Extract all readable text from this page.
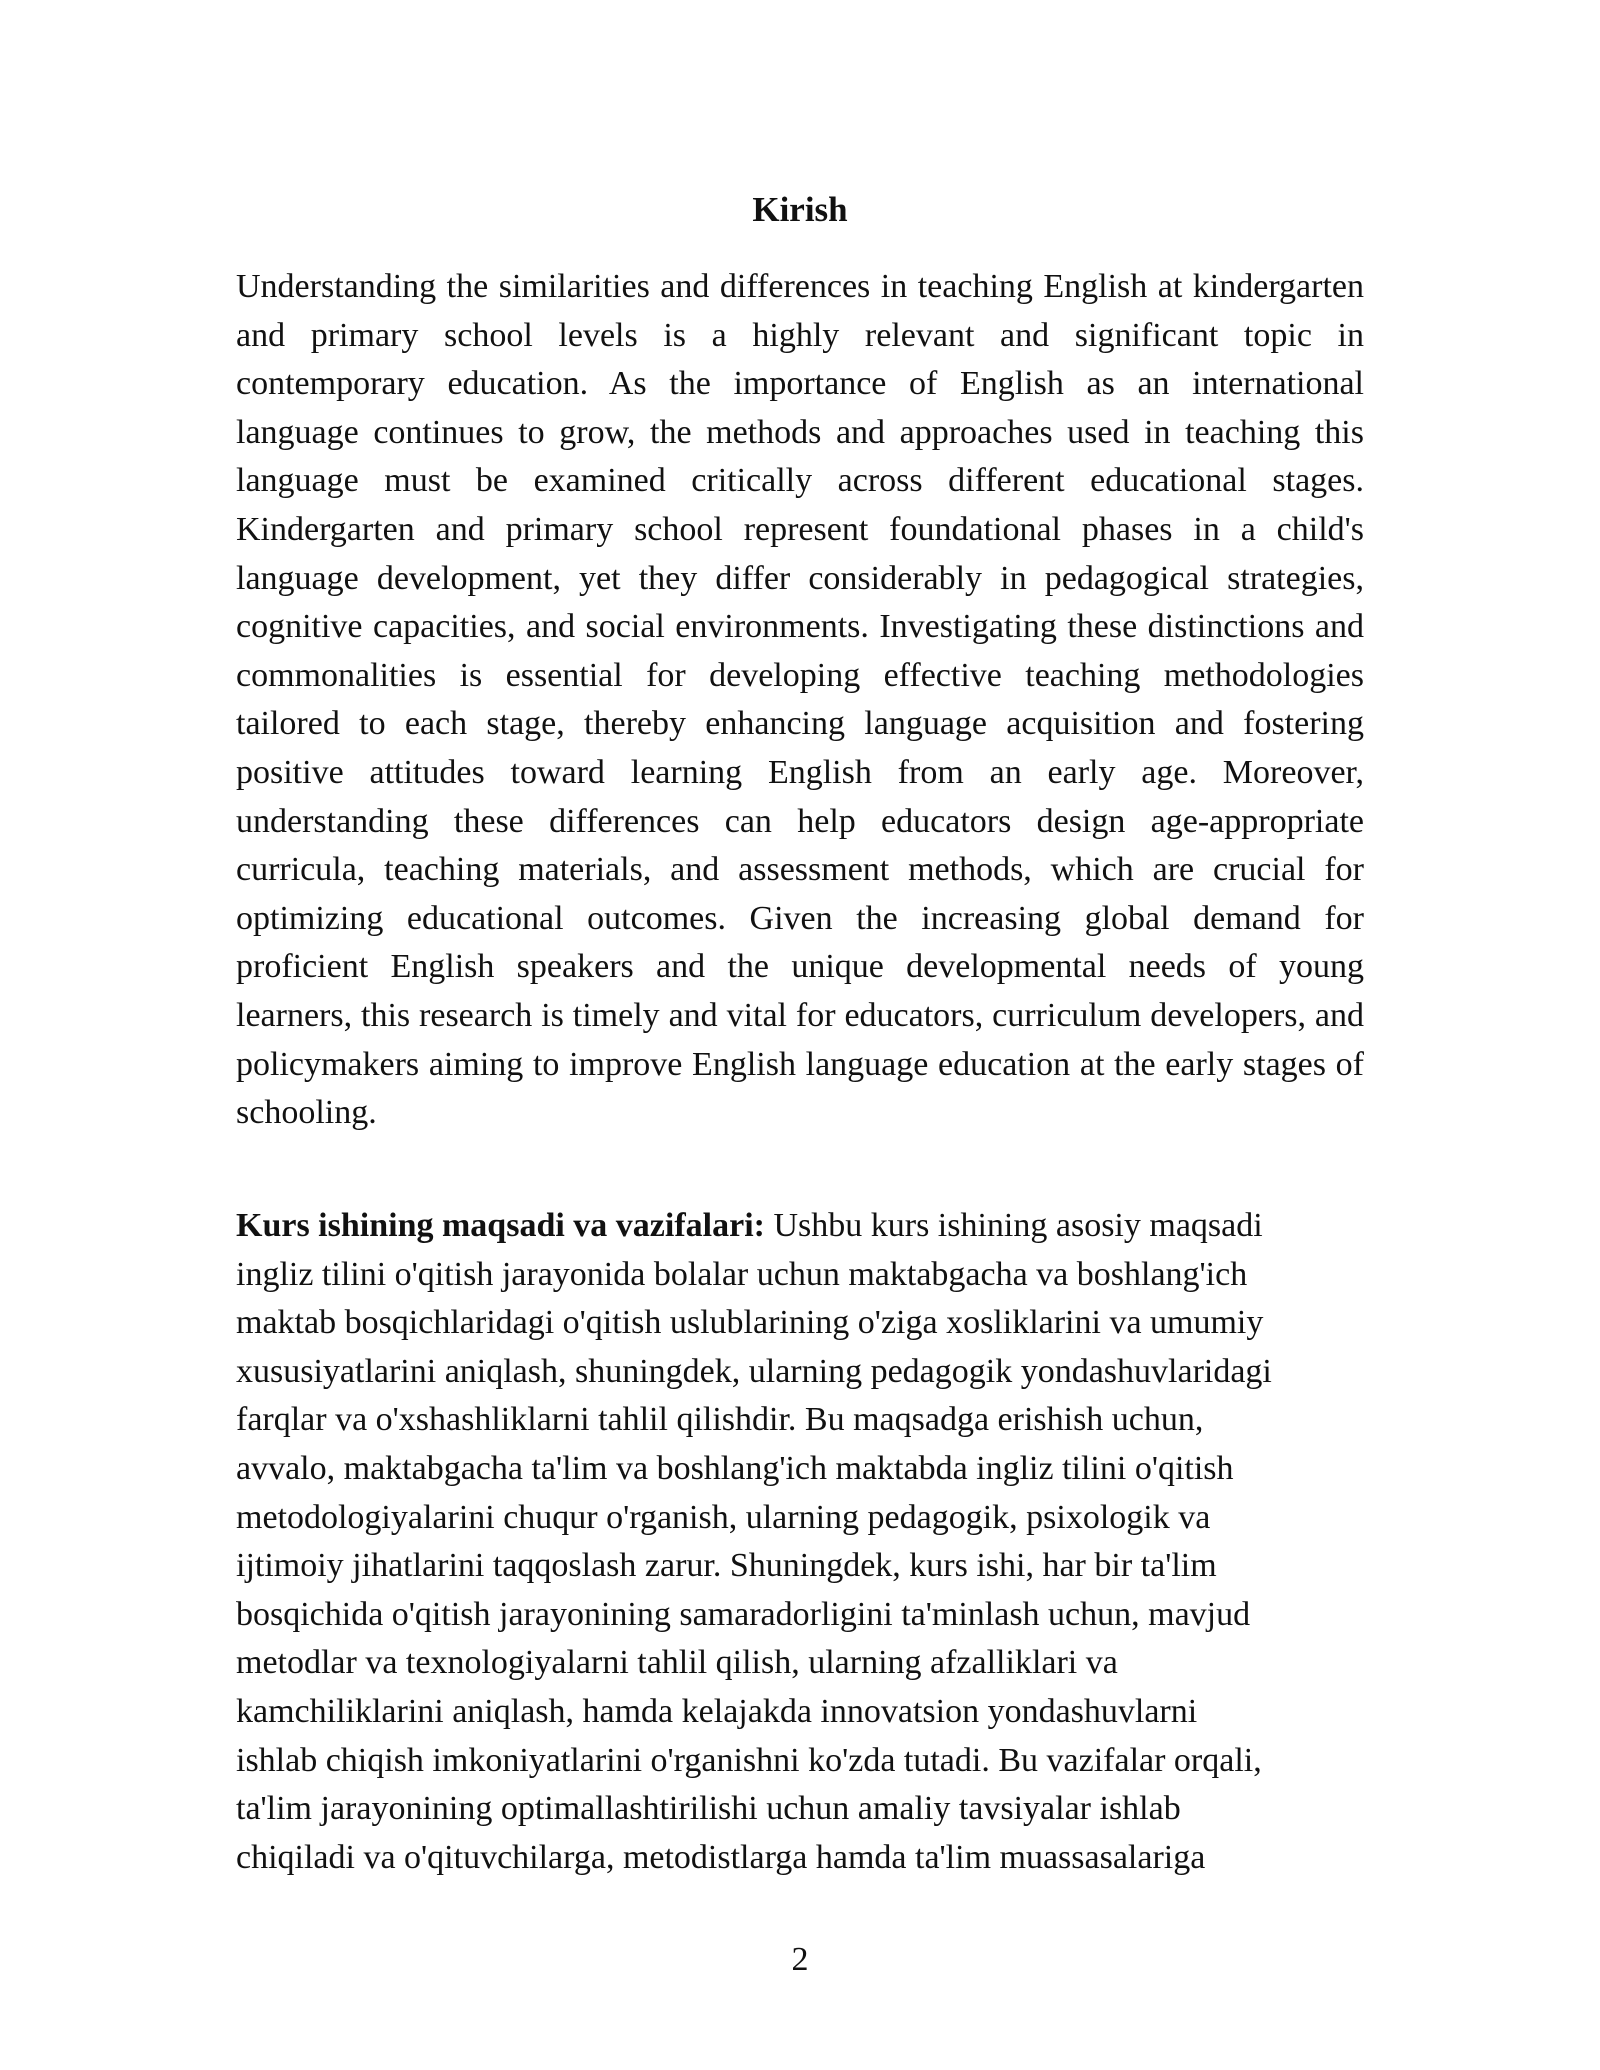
Kirish

Understanding the similarities and differences in teaching English at kindergarten and primary school levels is a highly relevant and significant topic in contemporary education. As the importance of English as an international language continues to grow, the methods and approaches used in teaching this language must be examined critically across different educational stages. Kindergarten and primary school represent foundational phases in a child's language development, yet they differ considerably in pedagogical strategies, cognitive capacities, and social environments. Investigating these distinctions and commonalities is essential for developing effective teaching methodologies tailored to each stage, thereby enhancing language acquisition and fostering positive attitudes toward learning English from an early age. Moreover, understanding these differences can help educators design age-appropriate curricula, teaching materials, and assessment methods, which are crucial for optimizing educational outcomes. Given the increasing global demand for proficient English speakers and the unique developmental needs of young learners, this research is timely and vital for educators, curriculum developers, and policymakers aiming to improve English language education at the early stages of schooling.

Kurs ishining maqsadi va vazifalari: Ushbu kurs ishining asosiy maqsadi
ingliz tilini o'qitish jarayonida bolalar uchun maktabgacha va boshlang'ich
maktab bosqichlaridagi o'qitish uslublarining o'ziga xosliklarini va umumiy
xususiyatlarini aniqlash, shuningdek, ularning pedagogik yondashuvlaridagi
farqlar va o'xshashliklarni tahlil qilishdir. Bu maqsadga erishish uchun,
avvalo, maktabgacha ta'lim va boshlang'ich maktabda ingliz tilini o'qitish
metodologiyalarini chuqur o'rganish, ularning pedagogik, psixologik va
ijtimoiy jihatlarini taqqoslash zarur. Shuningdek, kurs ishi, har bir ta'lim
bosqichida o'qitish jarayonining samaradorligini ta'minlash uchun, mavjud
metodlar va texnologiyalarni tahlil qilish, ularning afzalliklari va
kamchiliklarini aniqlash, hamda kelajakda innovatsion yondashuvlarni
ishlab chiqish imkoniyatlarini o'rganishni ko'zda tutadi. Bu vazifalar orqali,
ta'lim jarayonining optimallashtirilishi uchun amaliy tavsiyalar ishlab
chiqiladi va o'qituvchilarga, metodistlarga hamda ta'lim muassasalariga

2
